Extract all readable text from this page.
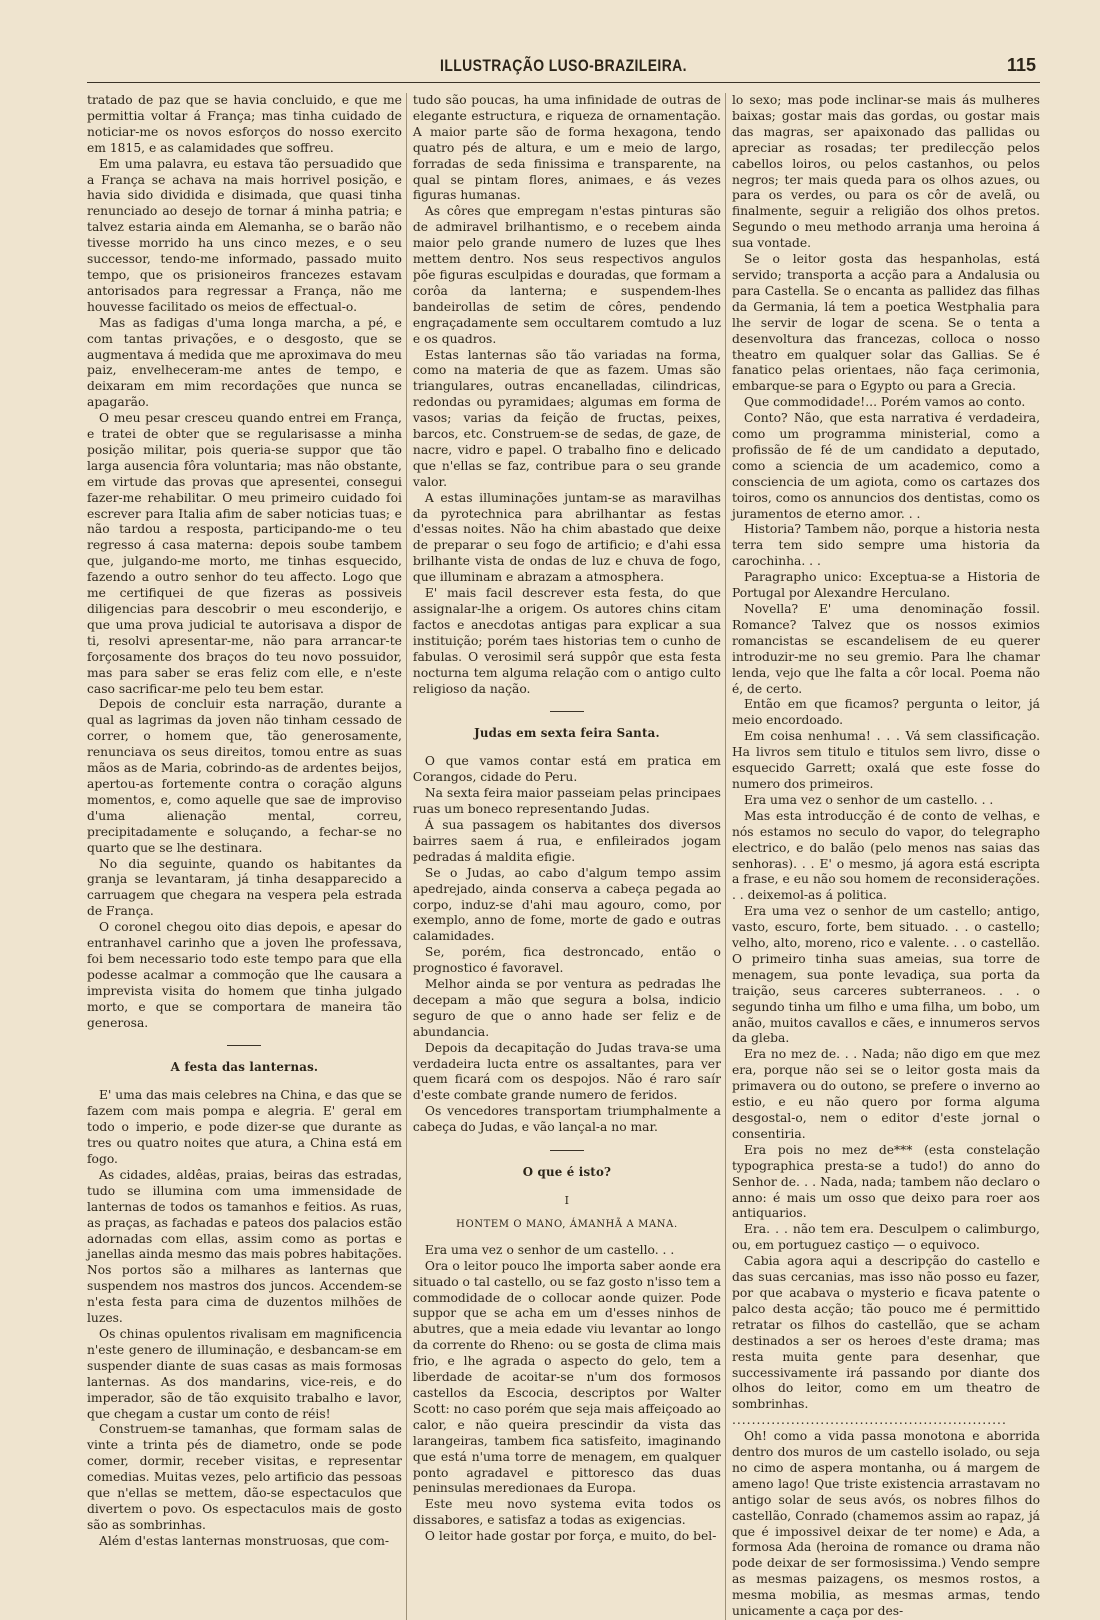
ILLUSTRAÇÃO LUSO-BRAZILEIRA.	115

tratado de paz que se havia concluido, e que me permittia voltar á França; mas tinha cuidado de noticiar-me os novos esforços do nosso exercito em 1815, e as calamidades que soffreu.

Em uma palavra, eu estava tão persuadido que a França se achava na mais horrivel posição, e havia sido dividida e disimada, que quasi tinha renunciado ao desejo de tornar á minha patria; e talvez estaria ainda em Alemanha, se o barão não tivesse morrido ha uns cinco mezes, e o seu successor, tendo-me informado, passado muito tempo, que os prisioneiros francezes estavam antorisados para regressar a França, não me houvesse facilitado os meios de effectual-o.

Mas as fadigas d'uma longa marcha, a pé, e com tantas privações, e o desgosto, que se augmentava á medida que me aproximava do meu paiz, envelheceram-me antes de tempo, e deixaram em mim recordações que nunca se apagarão.

O meu pesar cresceu quando entrei em França, e tratei de obter que se regularisasse a minha posição militar, pois queria-se suppor que tão larga ausencia fôra voluntaria; mas não obstante, em virtude das provas que apresentei, consegui fazer-me rehabilitar. O meu primeiro cuidado foi escrever para Italia afim de saber noticias tuas; e não tardou a resposta, participando-me o teu regresso á casa materna: depois soube tambem que, julgando-me morto, me tinhas esquecido, fazendo a outro senhor do teu affecto. Logo que me certifiquei de que fizeras as possiveis diligencias para descobrir o meu esconderijo, e que uma prova judicial te autorisava a dispor de ti, resolvi apresentar-me, não para arrancar-te forçosamente dos braços do teu novo possuidor, mas para saber se eras feliz com elle, e n'este caso sacrificar-me pelo teu bem estar.

Depois de concluir esta narração, durante a qual as lagrimas da joven não tinham cessado de correr, o homem que, tão generosamente, renunciava os seus direitos, tomou entre as suas mãos as de Maria, cobrindo-as de ardentes beijos, apertou-as fortemente contra o coração alguns momentos, e, como aquelle que sae de improviso d'uma alienação mental, correu, precipitadamente e soluçando, a fechar-se no quarto que se lhe destinara.

No dia seguinte, quando os habitantes da granja se levantaram, já tinha desapparecido a carruagem que chegara na vespera pela estrada de França.

O coronel chegou oito dias depois, e apesar do entranhavel carinho que a joven lhe professava, foi bem necessario todo este tempo para que ella podesse acalmar a commoção que lhe causara a imprevista visita do homem que tinha julgado morto, e que se comportara de maneira tão generosa.

A festa das lanternas.

E' uma das mais celebres na China, e das que se fazem com mais pompa e alegria. E' geral em todo o imperio, e pode dizer-se que durante as tres ou quatro noites que atura, a China está em fogo.

As cidades, aldêas, praias, beiras das estradas, tudo se illumina com uma immensidade de lanternas de todos os tamanhos e feitios. As ruas, as praças, as fachadas e pateos dos palacios estão adornadas com ellas, assim como as portas e janellas ainda mesmo das mais pobres habitações. Nos portos são a milhares as lanternas que suspendem nos mastros dos juncos. Accendem-se n'esta festa para cima de duzentos milhões de luzes.

Os chinas opulentos rivalisam em magnificencia n'este genero de illuminação, e desbancam-se em suspender diante de suas casas as mais formosas lanternas. As dos mandarins, vice-reis, e do imperador, são de tão exquisito trabalho e lavor, que chegam a custar um conto de réis!

Construem-se tamanhas, que formam salas de vinte a trinta pés de diametro, onde se pode comer, dormir, receber visitas, e representar comedias. Muitas vezes, pelo artificio das pessoas que n'ellas se mettem, dão-se espectaculos que divertem o povo. Os espectaculos mais de gosto são as sombrinhas.

Além d'estas lanternas monstruosas, que com-

tudo são poucas, ha uma infinidade de outras de elegante estructura, e riqueza de ornamentação. A maior parte são de forma hexagona, tendo quatro pés de altura, e um e meio de largo, forradas de seda finissima e transparente, na qual se pintam flores, animaes, e ás vezes figuras humanas.

As côres que empregam n'estas pinturas são de admiravel brilhantismo, e o recebem ainda maior pelo grande numero de luzes que lhes mettem dentro. Nos seus respectivos angulos põe figuras esculpidas e douradas, que formam a corôa da lanterna; e suspendem-lhes bandeirollas de setim de côres, pendendo engraçadamente sem occultarem comtudo a luz e os quadros.

Estas lanternas são tão variadas na forma, como na materia de que as fazem. Umas são triangulares, outras encanelladas, cilindricas, redondas ou pyramidaes; algumas em forma de vasos; varias da feição de fructas, peixes, barcos, etc. Construem-se de sedas, de gaze, de nacre, vidro e papel. O trabalho fino e delicado que n'ellas se faz, contribue para o seu grande valor.

A estas illuminações juntam-se as maravilhas da pyrotechnica para abrilhantar as festas d'essas noites. Não ha chim abastado que deixe de preparar o seu fogo de artificio; e d'ahi essa brilhante vista de ondas de luz e chuva de fogo, que illuminam e abrazam a atmosphera.

E' mais facil descrever esta festa, do que assignalar-lhe a origem. Os autores chins citam factos e anecdotas antigas para explicar a sua instituição; porém taes historias tem o cunho de fabulas. O verosimil será suppôr que esta festa nocturna tem alguma relação com o antigo culto religioso da nação.

Judas em sexta feira Santa.

O que vamos contar está em pratica em Corangos, cidade do Peru.

Na sexta feira maior passeiam pelas principaes ruas um boneco representando Judas.

Á sua passagem os habitantes dos diversos bairres saem á rua, e enfileirados jogam pedradas á maldita efigie.

Se o Judas, ao cabo d'algum tempo assim apedrejado, ainda conserva a cabeça pegada ao corpo, induz-se d'ahi mau agouro, como, por exemplo, anno de fome, morte de gado e outras calamidades.

Se, porém, fica destroncado, então o prognostico é favoravel.

Melhor ainda se por ventura as pedradas lhe decepam a mão que segura a bolsa, indicio seguro de que o anno hade ser feliz e de abundancia.

Depois da decapitação do Judas trava-se uma verdadeira lucta entre os assaltantes, para ver quem ficará com os despojos. Não é raro saír d'este combate grande numero de feridos.

Os vencedores transportam triumphalmente a cabeça do Judas, e vão lançal-a no mar.

O que é isto?
I

HONTEM O MANO, ÁMANHÃ A MANA.

Era uma vez o senhor de um castello. . .

Ora o leitor pouco lhe importa saber aonde era situado o tal castello, ou se faz gosto n'isso tem a commodidade de o collocar aonde quizer. Pode suppor que se acha em um d'esses ninhos de abutres, que a meia edade viu levantar ao longo da corrente do Rheno: ou se gosta de clima mais frio, e lhe agrada o aspecto do gelo, tem a liberdade de acoitar-se n'um dos formosos castellos da Escocia, descriptos por Walter Scott: no caso porém que seja mais affeiçoado ao calor, e não queira prescindir da vista das larangeiras, tambem fica satisfeito, imaginando que está n'uma torre de menagem, em qualquer ponto agradavel e pittoresco das duas peninsulas meredionaes da Europa.

Este meu novo systema evita todos os dissabores, e satisfaz a todas as exigencias.

O leitor hade gostar por força, e muito, do bel-

lo sexo; mas pode inclinar-se mais ás mulheres baixas; gostar mais das gordas, ou gostar mais das magras, ser apaixonado das pallidas ou apreciar as rosadas; ter predilecção pelos cabellos loiros, ou pelos castanhos, ou pelos negros; ter mais queda para os olhos azues, ou para os verdes, ou para os côr de avelã, ou finalmente, seguir a religião dos olhos pretos. Segundo o meu methodo arranja uma heroina á sua vontade.

Se o leitor gosta das hespanholas, está servido; transporta a acção para a Andalusia ou para Castella. Se o encanta as pallidez das filhas da Germania, lá tem a poetica Westphalia para lhe servir de logar de scena. Se o tenta a desenvoltura das francezas, colloca o nosso theatro em qualquer solar das Gallias. Se é fanatico pelas orientaes, não faça cerimonia, embarque-se para o Egypto ou para a Grecia.

Que commodidade!... Porém vamos ao conto.

Conto? Não, que esta narrativa é verdadeira, como um programma ministerial, como a profissão de fé de um candidato a deputado, como a sciencia de um academico, como a consciencia de um agiota, como os cartazes dos toiros, como os annuncios dos dentistas, como os juramentos de eterno amor. . .

Historia? Tambem não, porque a historia nesta terra tem sido sempre uma historia da carochinha. . .

Paragrapho unico: Exceptua-se a Historia de Portugal por Alexandre Herculano.

Novella? E' uma denominação fossil. Romance? Talvez que os nossos eximios romancistas se escandelisem de eu querer introduzir-me no seu gremio. Para lhe chamar lenda, vejo que lhe falta a côr local. Poema não é, de certo.

Então em que ficamos? pergunta o leitor, já meio encordoado.

Em coisa nenhuma! . . . Vá sem classificação. Ha livros sem titulo e titulos sem livro, disse o esquecido Garrett; oxalá que este fosse do numero dos primeiros.

Era uma vez o senhor de um castello. . .

Mas esta introducção é de conto de velhas, e nós estamos no seculo do vapor, do telegrapho electrico, e do balão (pelo menos nas saias das senhoras). . . E' o mesmo, já agora está escripta a frase, e eu não sou homem de reconsiderações. . . deixemol-as á politica.

Era uma vez o senhor de um castello; antigo, vasto, escuro, forte, bem situado. . . o castello; velho, alto, moreno, rico e valente. . . o castellão. O primeiro tinha suas ameias, sua torre de menagem, sua ponte levadiça, sua porta da traição, seus carceres subterraneos. . . o segundo tinha um filho e uma filha, um bobo, um anão, muitos cavallos e cães, e innumeros servos da gleba.

Era no mez de. . . Nada; não digo em que mez era, porque não sei se o leitor gosta mais da primavera ou do outono, se prefere o inverno ao estio, e eu não quero por forma alguma desgostal-o, nem o editor d'este jornal o consentiria.

Era pois no mez de*** (esta constelação typographica presta-se a tudo!) do anno do Senhor de. . . Nada, nada; tambem não declaro o anno: é mais um osso que deixo para roer aos antiquarios.

Era. . . não tem era. Desculpem o calimburgo, ou, em portuguez castiço — o equivoco.

Cabia agora aqui a descripção do castello e das suas cercanias, mas isso não posso eu fazer, por que acabava o mysterio e ficava patente o palco desta acção; tão pouco me é permittido retratar os filhos do castellão, que se acham destinados a ser os heroes d'este drama; mas resta muita gente para desenhar, que successivamente irá passando por diante dos olhos do leitor, como em um theatro de sombrinhas.

........................................................

Oh! como a vida passa monotona e aborrida dentro dos muros de um castello isolado, ou seja no cimo de aspera montanha, ou á margem de ameno lago! Que triste existencia arrastavam no antigo solar de seus avós, os nobres filhos do castellão, Conrado (chamemos assim ao rapaz, já que é impossivel deixar de ter nome) e Ada, a formosa Ada (heroina de romance ou drama não pode deixar de ser formosissima.) Vendo sempre as mesmas paizagens, os mesmos rostos, a mesma mobilia, as mesmas armas, tendo unicamente a caça por des-
